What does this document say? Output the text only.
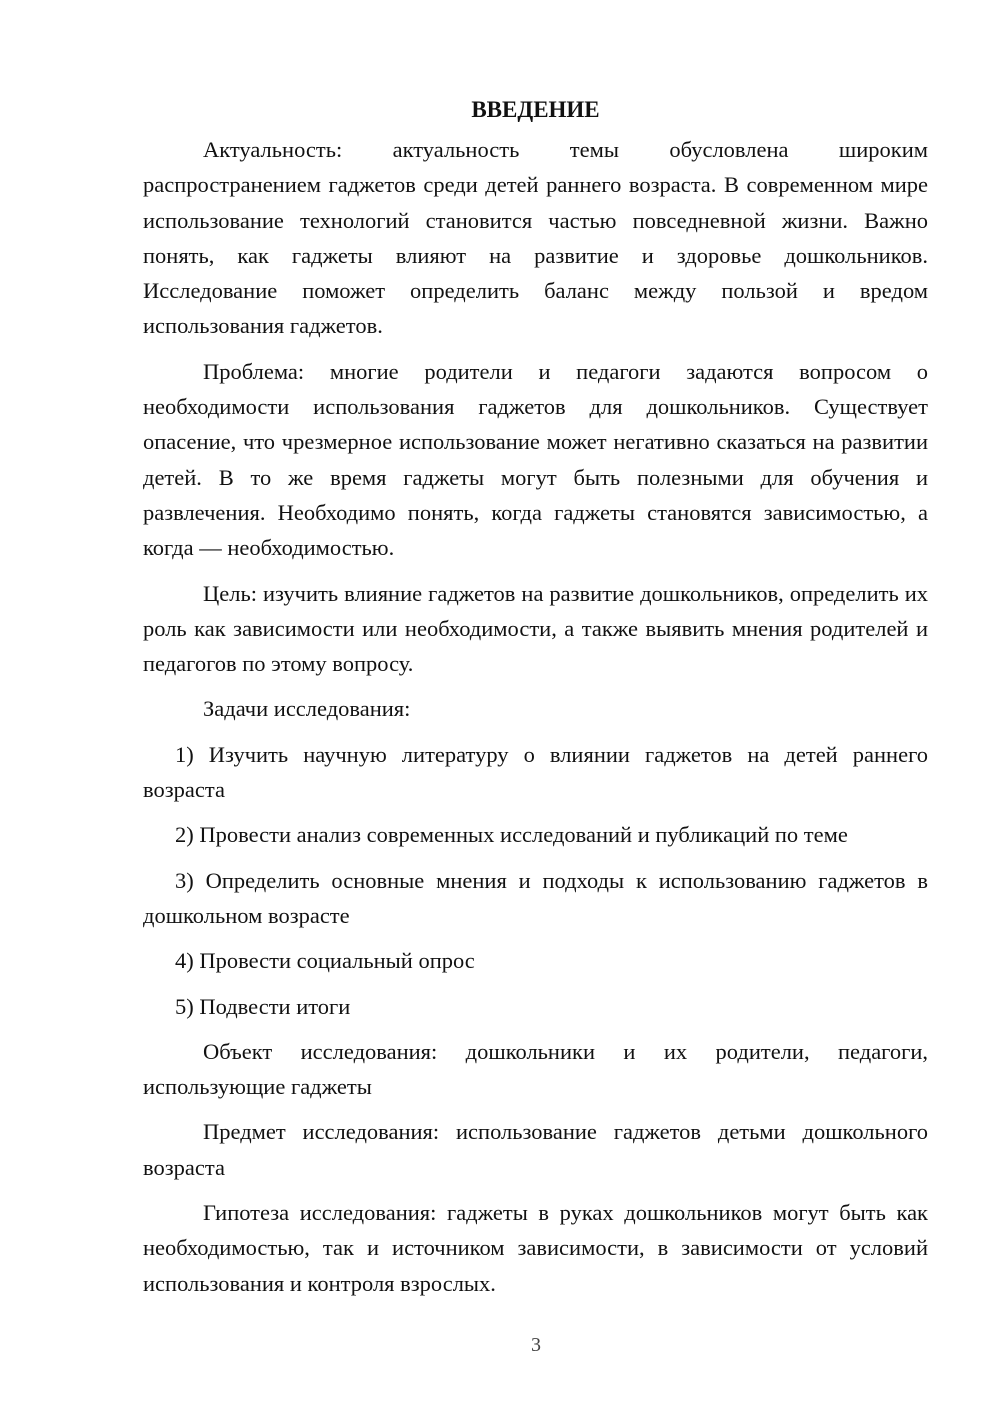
ВВЕДЕНИЕ

Актуальность: актуальность темы обусловлена широким распространением гаджетов среди детей раннего возраста. В современном мире использование технологий становится частью повседневной жизни. Важно понять, как гаджеты влияют на развитие и здоровье дошкольников. Исследование поможет определить баланс между пользой и вредом использования гаджетов.

Проблема: многие родители и педагоги задаются вопросом о необходимости использования гаджетов для дошкольников. Существует опасение, что чрезмерное использование может негативно сказаться на развитии детей. В то же время гаджеты могут быть полезными для обучения и развлечения. Необходимо понять, когда гаджеты становятся зависимостью, а когда — необходимостью.

Цель: изучить влияние гаджетов на развитие дошкольников, определить их роль как зависимости или необходимости, а также выявить мнения родителей и педагогов по этому вопросу.

Задачи исследования:

1) Изучить научную литературу о влиянии гаджетов на детей раннего возраста

2) Провести анализ современных исследований и публикаций по теме

3) Определить основные мнения и подходы к использованию гаджетов в дошкольном возрасте

4) Провести социальный опрос

5) Подвести итоги

Объект исследования: дошкольники и их родители, педагоги, использующие гаджеты

Предмет исследования: использование гаджетов детьми дошкольного возраста

Гипотеза исследования: гаджеты в руках дошкольников могут быть как необходимостью, так и источником зависимости, в зависимости от условий использования и контроля взрослых.

3
